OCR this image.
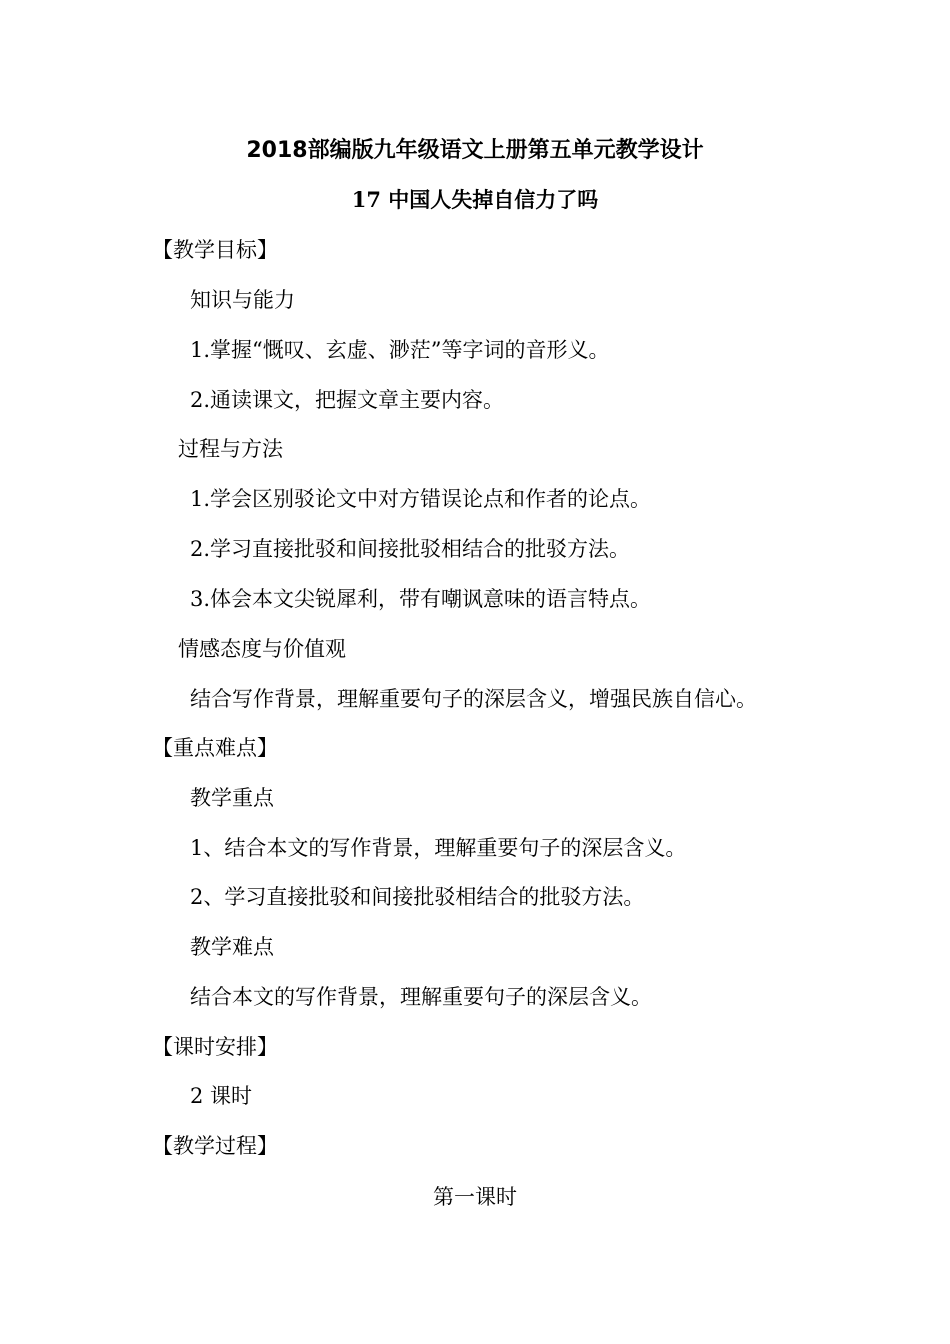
2018部编版九年级语文上册第五单元教学设计
17 中国人失掉自信力了吗
【教学目标】
知识与能力
1.掌握“慨叹、玄虚、渺茫”等字词的音形义。
2.通读课文，把握文章主要内容。
过程与方法
1.学会区别驳论文中对方错误论点和作者的论点。
2.学习直接批驳和间接批驳相结合的批驳方法。
3.体会本文尖锐犀利，带有嘲讽意味的语言特点。
情感态度与价值观
结合写作背景，理解重要句子的深层含义，增强民族自信心。
【重点难点】
教学重点
1、结合本文的写作背景，理解重要句子的深层含义。
2、学习直接批驳和间接批驳相结合的批驳方法。
教学难点
结合本文的写作背景，理解重要句子的深层含义。
【课时安排】
2 课时
【教学过程】
第一课时
